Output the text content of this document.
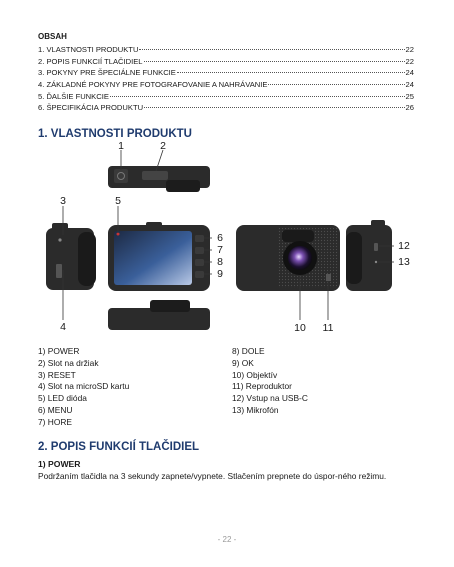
OBSAH
1. VLASTNOSTI PRODUKTU	22
2. POPIS FUNKCIÍ TLAČIDIEL	22
3. POKYNY PRE ŠPECIÁLNE FUNKCIE	24
4. ZÁKLADNÉ POKYNY PRE FOTOGRAFOVANIE A NAHRÁVANIE	24
5. ĎALŠIE FUNKCIE	25
6. ŠPECIFIKÁCIA PRODUKTU	26
1. VLASTNOSTI PRODUKTU
1	2
3
4
5
6
7
8
9
10 11
12
13
1) POWER
2) Slot na držiak
3) RESET
4) Slot na microSD kartu
5) LED dióda
6) MENU
7) HORE
8) DOLE
9) OK
10) Objektív
11) Reproduktor
12) Vstup na USB-C
13) Mikrofón
2. POPIS FUNKCIÍ TLAČIDIEL
1) POWER
Podržaním tlačidla na 3 sekundy zapnete/vypnete. Stlačením prepnete do úspor-ného režimu.
- 22 -
